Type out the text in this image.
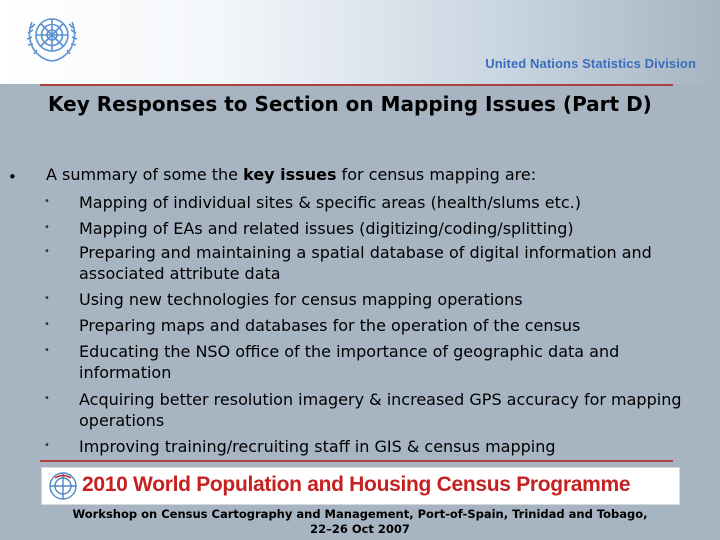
United Nations Statistics Division
Key Responses to Section on Mapping Issues (Part D)
• A summary of some the key issues for census mapping are:
• Mapping of individual sites & specific areas (health/slums etc.)
• Mapping of EAs and related issues (digitizing/coding/splitting)
• Preparing and maintaining a spatial database of digital information and associated attribute data
• Using new technologies for census mapping operations
• Preparing maps and databases for the operation of the census
• Educating the NSO office of the importance of geographic data and information
• Acquiring better resolution imagery & increased GPS accuracy for mapping operations
• Improving training/recruiting staff in GIS & census mapping
2010 World Population and Housing Census Programme
Workshop on Census Cartography and Management, Port-of-Spain, Trinidad and Tobago,
22–26 Oct 2007
